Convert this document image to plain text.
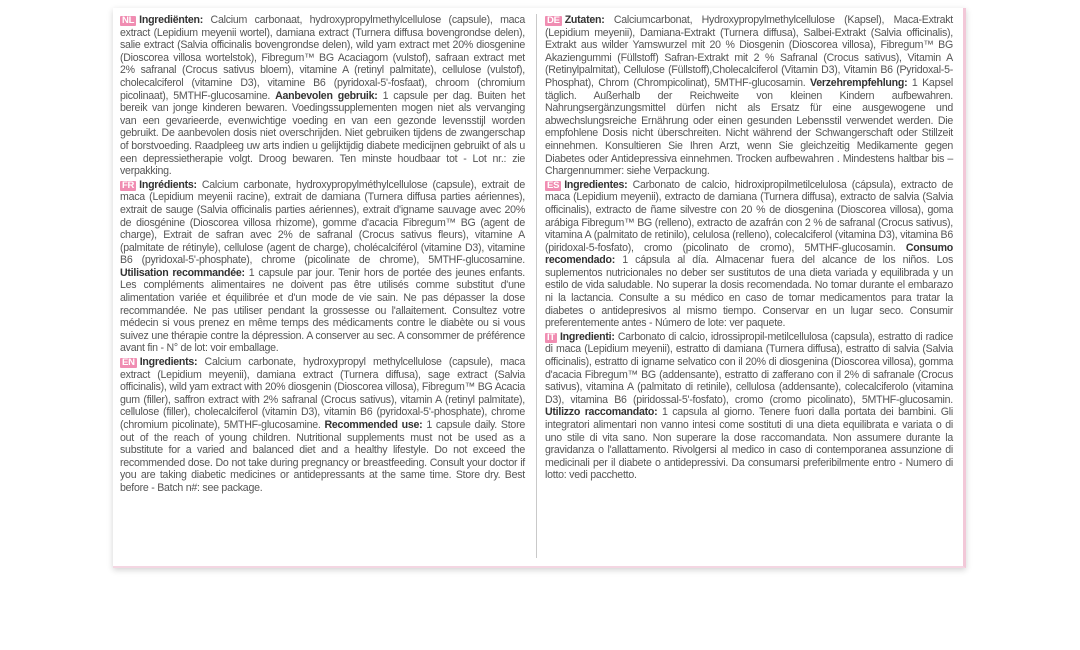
NL Ingrediënten: Calcium carbonaat, hydroxypropylmethylcellulose (capsule), maca extract (Lepidium meyenii wortel), damiana extract (Turnera diffusa bovengrondse delen), salie extract (Salvia officinalis bovengrondse delen), wild yam extract met 20% diosgenine (Dioscorea villosa wortelstok), Fibregum™ BG Acaciagom (vulstof), safraan extract met 2% safranal (Crocus sativus bloem), vitamine A (retinyl palmitate), cellulose (vulstof), cholecalciferol (vitamine D3), vitamine B6 (pyridoxal-5'-fosfaat), chroom (chromium picolinaat), 5MTHF-glucosamine. Aanbevolen gebruik: 1 capsule per dag. Buiten het bereik van jonge kinderen bewaren. Voedingssupplementen mogen niet als vervanging van een gevarieerde, evenwichtige voeding en van een gezonde levensstijl worden gebruikt. De aanbevolen dosis niet overschrijden. Niet gebruiken tijdens de zwangerschap of borstvoeding. Raadpleeg uw arts indien u gelijktijdig diabete medicijnen gebruikt of als u een depressietherapie volgt. Droog bewaren. Ten minste houdbaar tot - Lot nr.: zie verpakking.
FR Ingrédients: Calcium carbonate, hydroxypropylméthylcellulose (capsule), extrait de maca (Lepidium meyenii racine), extrait de damiana (Turnera diffusa parties aériennes), extrait de sauge (Salvia officinalis parties aériennes), extrait d'igname sauvage avec 20% de diosgénine (Dioscorea villosa rhizome), gomme d'acacia Fibregum™ BG (agent de charge), Extrait de safran avec 2% de safranal (Crocus sativus fleurs), vitamine A (palmitate de rétinyle), cellulose (agent de charge), cholécalciférol (vitamine D3), vitamine B6 (pyridoxal-5'-phosphate), chrome (picolinate de chrome), 5MTHF-glucosamine. Utilisation recommandée: 1 capsule par jour. Tenir hors de portée des jeunes enfants. Les compléments alimentaires ne doivent pas être utilisés comme substitut d'une alimentation variée et équilibrée et d'un mode de vie sain. Ne pas dépasser la dose recommandée. Ne pas utiliser pendant la grossesse ou l'allaitement. Consultez votre médecin si vous prenez en même temps des médicaments contre le diabète ou si vous suivez une thérapie contre la dépression. A conserver au sec. A consommer de préférence avant fin - N° de lot: voir emballage.
EN Ingredients: Calcium carbonate, hydroxypropyl methylcellulose (capsule), maca extract (Lepidium meyenii), damiana extract (Turnera diffusa), sage extract (Salvia officinalis), wild yam extract with 20% diosgenin (Dioscorea villosa), Fibregum™ BG Acacia gum (filler), saffron extract with 2% safranal (Crocus sativus), vitamin A (retinyl palmitate), cellulose (filler), cholecalciferol (vitamin D3), vitamin B6 (pyridoxal-5'-phosphate), chrome (chromium picolinate), 5MTHF-glucosamine. Recommended use: 1 capsule daily. Store out of the reach of young children. Nutritional supplements must not be used as a substitute for a varied and balanced diet and a healthy lifestyle. Do not exceed the recommended dose. Do not take during pregnancy or breastfeeding. Consult your doctor if you are taking diabetic medicines or antidepressants at the same time. Store dry. Best before - Batch n#: see package.
DE Zutaten: Calciumcarbonat, Hydroxypropylmethylcellulose (Kapsel), Maca-Extrakt (Lepidium meyenii), Damiana-Extrakt (Turnera diffusa), Salbei-Extrakt (Salvia officinalis), Extrakt aus wilder Yamswurzel mit 20 % Diosgenin (Dioscorea villosa), Fibregum™ BG Akaziengummi (Füllstoff) Safran-Extrakt mit 2 % Safranal (Crocus sativus), Vitamin A (Retinylpalmitat), Cellulose (Füllstoff),Cholecalciferol (Vitamin D3), Vitamin B6 (Pyridoxal-5-Phosphat), Chrom (Chrompicolinat), 5MTHF-glucosamin. Verzehrempfehlung: 1 Kapsel täglich. Außerhalb der Reichweite von kleinen Kindern aufbewahren. Nahrungsergänzungsmittel dürfen nicht als Ersatz für eine ausgewogene und abwechslungsreiche Ernährung oder einen gesunden Lebensstil verwendet werden. Die empfohlene Dosis nicht überschreiten. Nicht während der Schwangerschaft oder Stillzeit einnehmen. Konsultieren Sie Ihren Arzt, wenn Sie gleichzeitig Medikamente gegen Diabetes oder Antidepressiva einnehmen. Trocken aufbewahren . Mindestens haltbar bis – Chargennummer: siehe Verpackung.
ES Ingredientes: Carbonato de calcio, hidroxipropilmetilcelulosa (cápsula), extracto de maca (Lepidium meyenii), extracto de damiana (Turnera diffusa), extracto de salvia (Salvia officinalis), extracto de ñame silvestre con 20 % de diosgenina (Dioscorea villosa), goma arábiga Fibregum™ BG (relleno), extracto de azafrán con 2 % de safranal (Crocus sativus), vitamina A (palmitato de retinilo), celulosa (relleno), colecalciferol (vitamina D3), vitamina B6 (piridoxal-5-fosfato), cromo (picolinato de cromo), 5MTHF-glucosamin. Consumo recomendado: 1 cápsula al día. Almacenar fuera del alcance de los niños. Los suplementos nutricionales no deber ser sustitutos de una dieta variada y equilibrada y un estilo de vida saludable. No superar la dosis recomendada. No tomar durante el embarazo ni la lactancia. Consulte a su médico en caso de tomar medicamentos para tratar la diabetes o antidepresivos al mismo tiempo. Conservar en un lugar seco. Consumir preferentemente antes - Número de lote: ver paquete.
IT Ingredienti: Carbonato di calcio, idrossipropil-metilcellulosa (capsula), estratto di radice di maca (Lepidium meyenii), estratto di damiana (Turnera diffusa), estratto di salvia (Salvia officinalis), estratto di igname selvatico con il 20% di diosgenina (Dioscorea villosa), gomma d'acacia Fibregum™ BG (addensante), estratto di zafferano con il 2% di safranale (Crocus sativus), vitamina A (palmitato di retinile), cellulosa (addensante), colecalciferolo (vitamina D3), vitamina B6 (piridossal-5'-fosfato), cromo (cromo picolinato), 5MTHF-glucosamin. Utilizzo raccomandato: 1 capsula al giorno. Tenere fuori dalla portata dei bambini. Gli integratori alimentari non vanno intesi come sostituti di una dieta equilibrata e variata o di uno stile di vita sano. Non superare la dose raccomandata. Non assumere durante la gravidanza o l'allattamento. Rivolgersi al medico in caso di contemporanea assunzione di medicinali per il diabete o antidepressivi. Da consumarsi preferibilmente entro - Numero di lotto: vedi pacchetto.
